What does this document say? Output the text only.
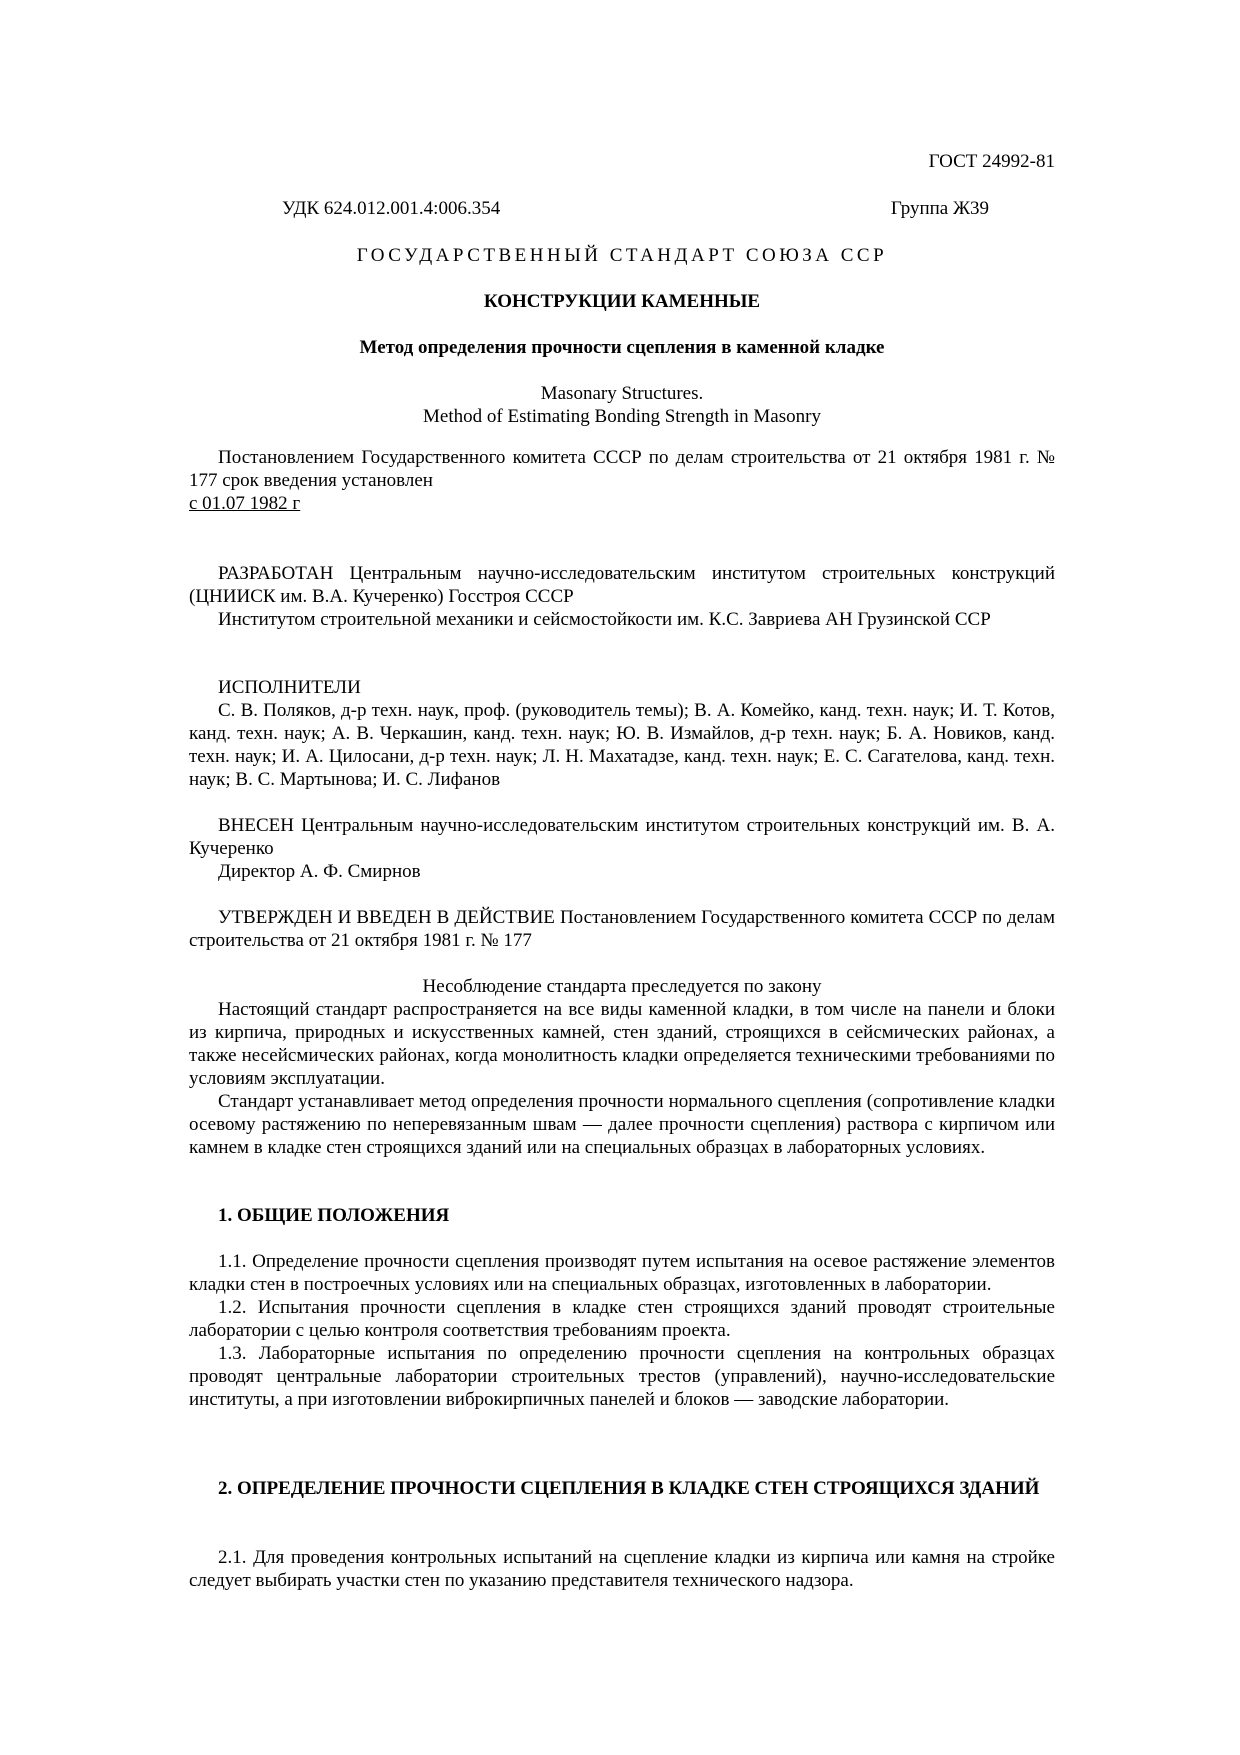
ГОСТ 24992-81
УДК 624.012.001.4:006.354	Группа Ж39
ГОСУДАРСТВЕННЫЙ СТАНДАРТ СОЮЗА ССР
КОНСТРУКЦИИ КАМЕННЫЕ
Метод определения прочности сцепления в каменной кладке
Masonary Structures.
Method of Estimating Bonding Strength in Masonry

Постановлением Государственного комитета СССР по делам строительства от 21 октября 1981 г. № 177 срок введения установлен

с 01.07 1982 г

РАЗРАБОТАН Центральным научно-исследовательским институтом строительных конструкций (ЦНИИСК им. В.А. Кучеренко) Госстроя СССР

Институтом строительной механики и сейсмостойкости им. К.С. Завриева АН Грузинской ССР

ИСПОЛНИТЕЛИ

С. В. Поляков, д-р техн. наук, проф. (руководитель темы); В. А. Комейко, канд. техн. наук; И. Т. Котов, канд. техн. наук; А. В. Черкашин, канд. техн. наук; Ю. В. Измайлов, д-р техн. наук; Б. А. Новиков, канд. техн. наук; И. А. Цилосани, д-р техн. наук; Л. Н. Махатадзе, канд. техн. наук; Е. С. Сагателова, канд. техн. наук; В. С. Мартынова; И. С. Лифанов

ВНЕСЕН Центральным научно-исследовательским институтом строительных конструкций им. В. А. Кучеренко

Директор А. Ф. Смирнов

УТВЕРЖДЕН И ВВЕДЕН В ДЕЙСТВИЕ Постановлением Государственного комитета СССР по делам строительства от 21 октября 1981 г. № 177

Несоблюдение стандарта преследуется по закону

Настоящий стандарт распространяется на все виды каменной кладки, в том числе на панели и блоки из кирпича, природных и искусственных камней, стен зданий, строящихся в сейсмических районах, а также несейсмических районах, когда монолитность кладки определяется техническими требованиями по условиям эксплуатации.

Стандарт устанавливает метод определения прочности нормального сцепления (сопротивление кладки осевому растяжению по неперевязанным швам — далее прочности сцепления) раствора с кирпичом или камнем в кладке стен строящихся зданий или на специальных образцах в лабораторных условиях.

1. ОБЩИЕ ПОЛОЖЕНИЯ

1.1. Определение прочности сцепления производят путем испытания на осевое растяжение элементов кладки стен в построечных условиях или на специальных образцах, изготовленных в лаборатории.

1.2. Испытания прочности сцепления в кладке стен строящихся зданий проводят строительные лаборатории с целью контроля соответствия требованиям проекта.

1.3. Лабораторные испытания по определению прочности сцепления на контрольных образцах проводят центральные лаборатории строительных трестов (управлений), научно-исследовательские институты, а при изготовлении виброкирпичных панелей и блоков — заводские лаборатории.

2. ОПРЕДЕЛЕНИЕ ПРОЧНОСТИ СЦЕПЛЕНИЯ В КЛАДКЕ СТЕН СТРОЯЩИХСЯ ЗДАНИЙ

2.1. Для проведения контрольных испытаний на сцепление кладки из кирпича или камня на стройке следует выбирать участки стен по указанию представителя технического надзора.
